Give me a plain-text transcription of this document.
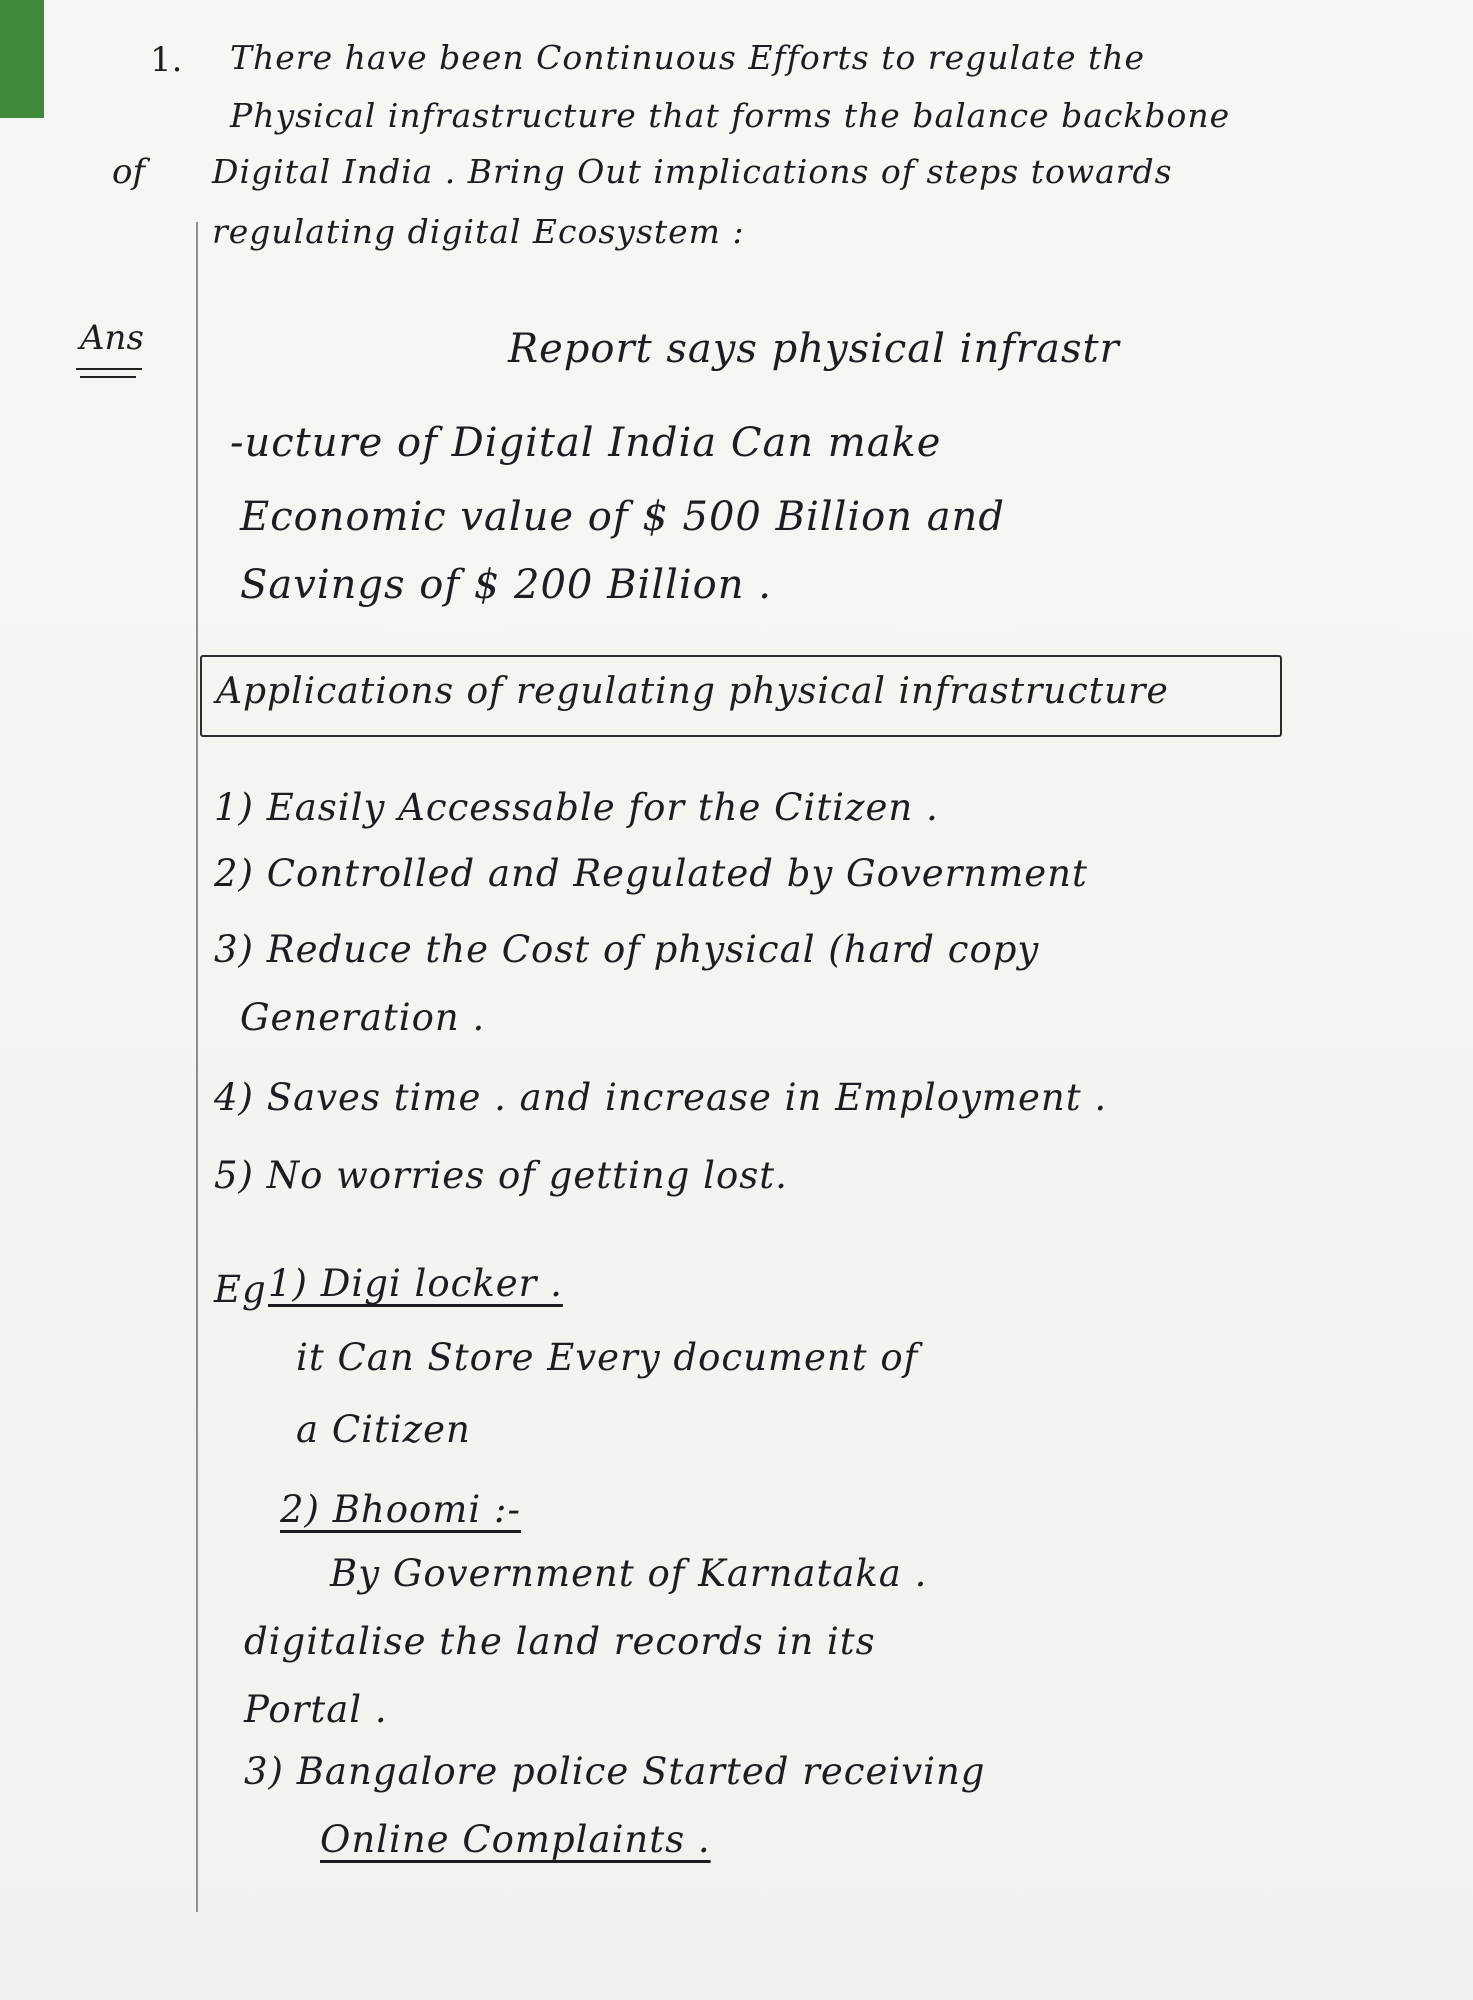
1. There have been Continuous Efforts to regulate the
Physical infrastructure that forms the balance backbone
of Digital India . Bring Out implications of steps towards
regulating digital Ecosystem :
Ans	Report says physical infrastr
-ucture of Digital India Can make
Economic value of $ 500 Billion and
Savings of $ 200 Billion .
Applications of regulating physical infrastructure
1) Easily Accessable for the Citizen .
2) Controlled and Regulated by Government
3) Reduce the Cost of physical (hard copy
Generation .
4) Saves time . and increase in Employment .
5) No worries of getting lost.
Eg 1) Digi locker .
it Can Store Every document of
a Citizen
2) Bhoomi :-
By Government of Karnataka .
digitalise the land records in its
Portal .
3) Bangalore police Started receiving
Online Complaints .
